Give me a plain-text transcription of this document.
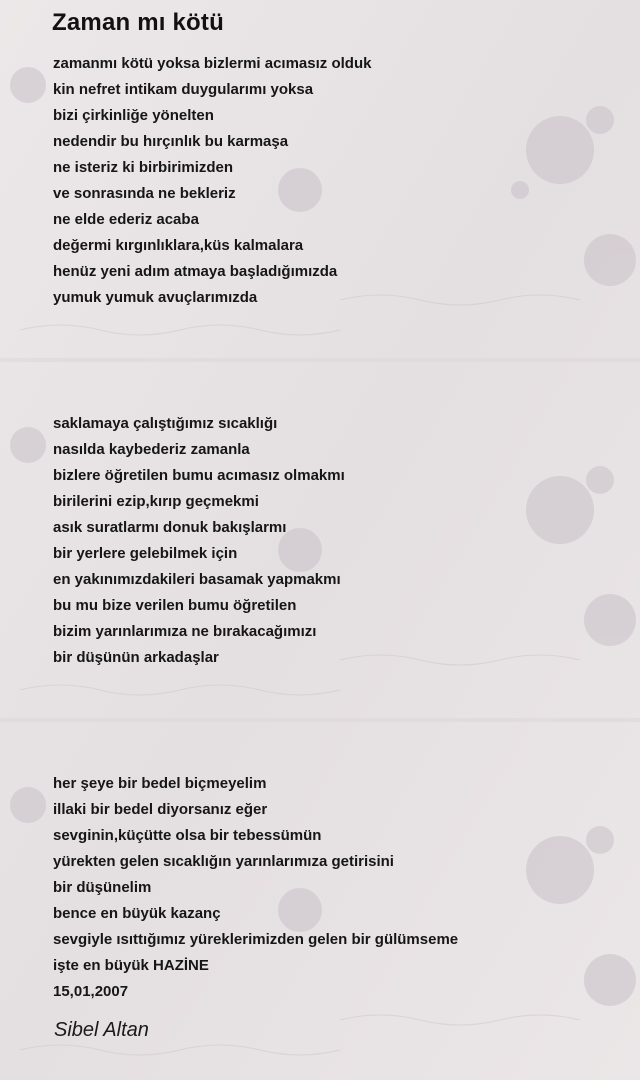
Zaman mı kötü
zamanmı kötü yoksa bizlermi acımasız olduk
kin nefret intikam duygularımı yoksa
bizi çirkinliğe yönelten
nedendir bu hırçınlık bu karmaşa
ne isteriz ki birbirimizden
ve sonrasında ne bekleriz
ne elde ederiz acaba
değermi kırgınlıklara,küs kalmalara
henüz yeni adım atmaya başladığımızda
yumuk yumuk avuçlarımızda
saklamaya çalıştığımız sıcaklığı
nasılda kaybederiz zamanla
bizlere öğretilen bumu acımasız olmakmı
birilerini ezip,kırıp geçmekmi
asık suratlarmı donuk bakışlarmı
bir yerlere gelebilmek için
en yakınımızdakileri basamak yapmakmı
bu mu bize verilen bumu öğretilen
bizim yarınlarımıza ne bırakacağımızı
bir düşünün arkadaşlar
her şeye bir bedel biçmeyelim
illaki bir bedel diyorsanız eğer
sevginin,küçütte olsa bir tebessümün
yürekten gelen sıcaklığın yarınlarımıza getirisini
bir düşünelim
bence en büyük kazanç
sevgiyle ısıttığımız yüreklerimizden gelen bir gülümseme
işte en büyük HAZİNE
15,01,2007
Sibel Altan
